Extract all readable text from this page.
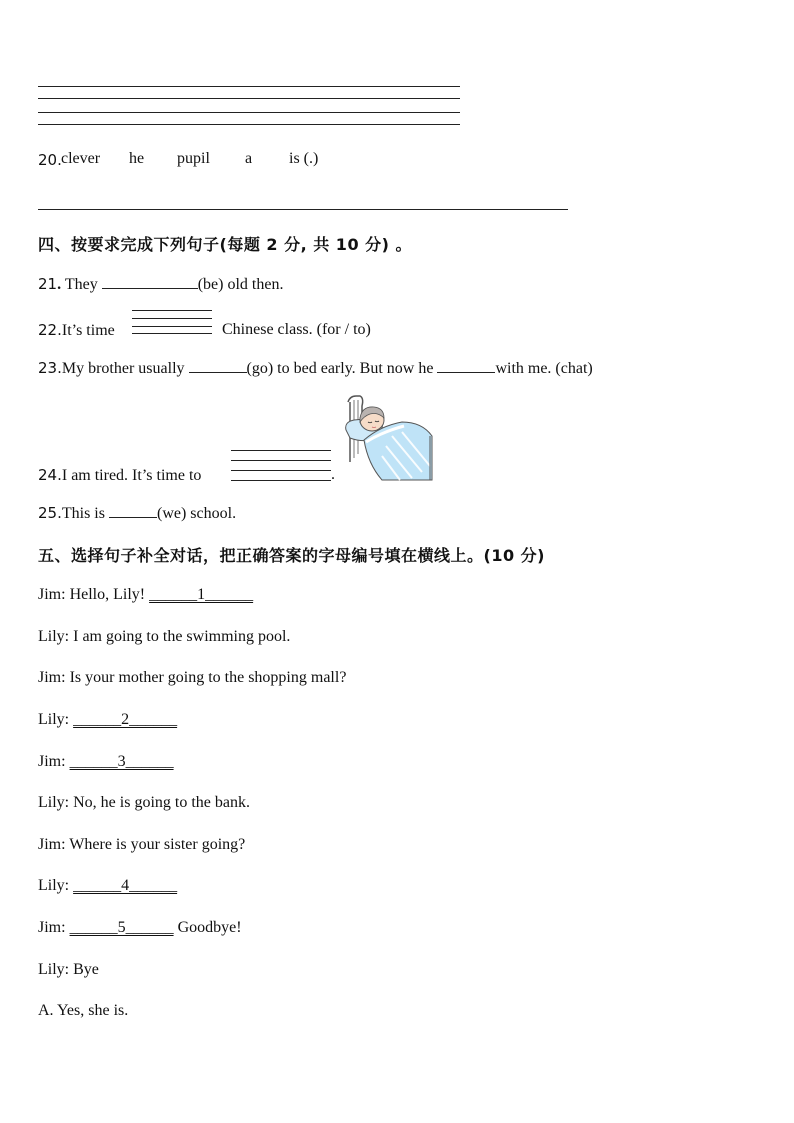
20. clever he pupil a is (.)
四、按要求完成下列句子(每题 2 分, 共 10 分) 。
21. They	(be) old then.
22.It’s time	Chinese class. (for / to)
23.My brother usually	(go) to bed early. But now he	with me. (chat)
24.I am tired. It’s time to	.
25.This is	(we) school.
五、选择句子补全对话，把正确答案的字母编号填在横线上。(10 分)
Jim: Hello, Lily! ______1______
Lily: I am going to the swimming pool.
Jim: Is your mother going to the shopping mall?
Lily: ______2______
Jim: ______3______
Lily: No, he is going to the bank.
Jim: Where is your sister going?
Lily: ______4______
Jim: ______5______ Goodbye!
Lily: Bye
A. Yes, she is.
